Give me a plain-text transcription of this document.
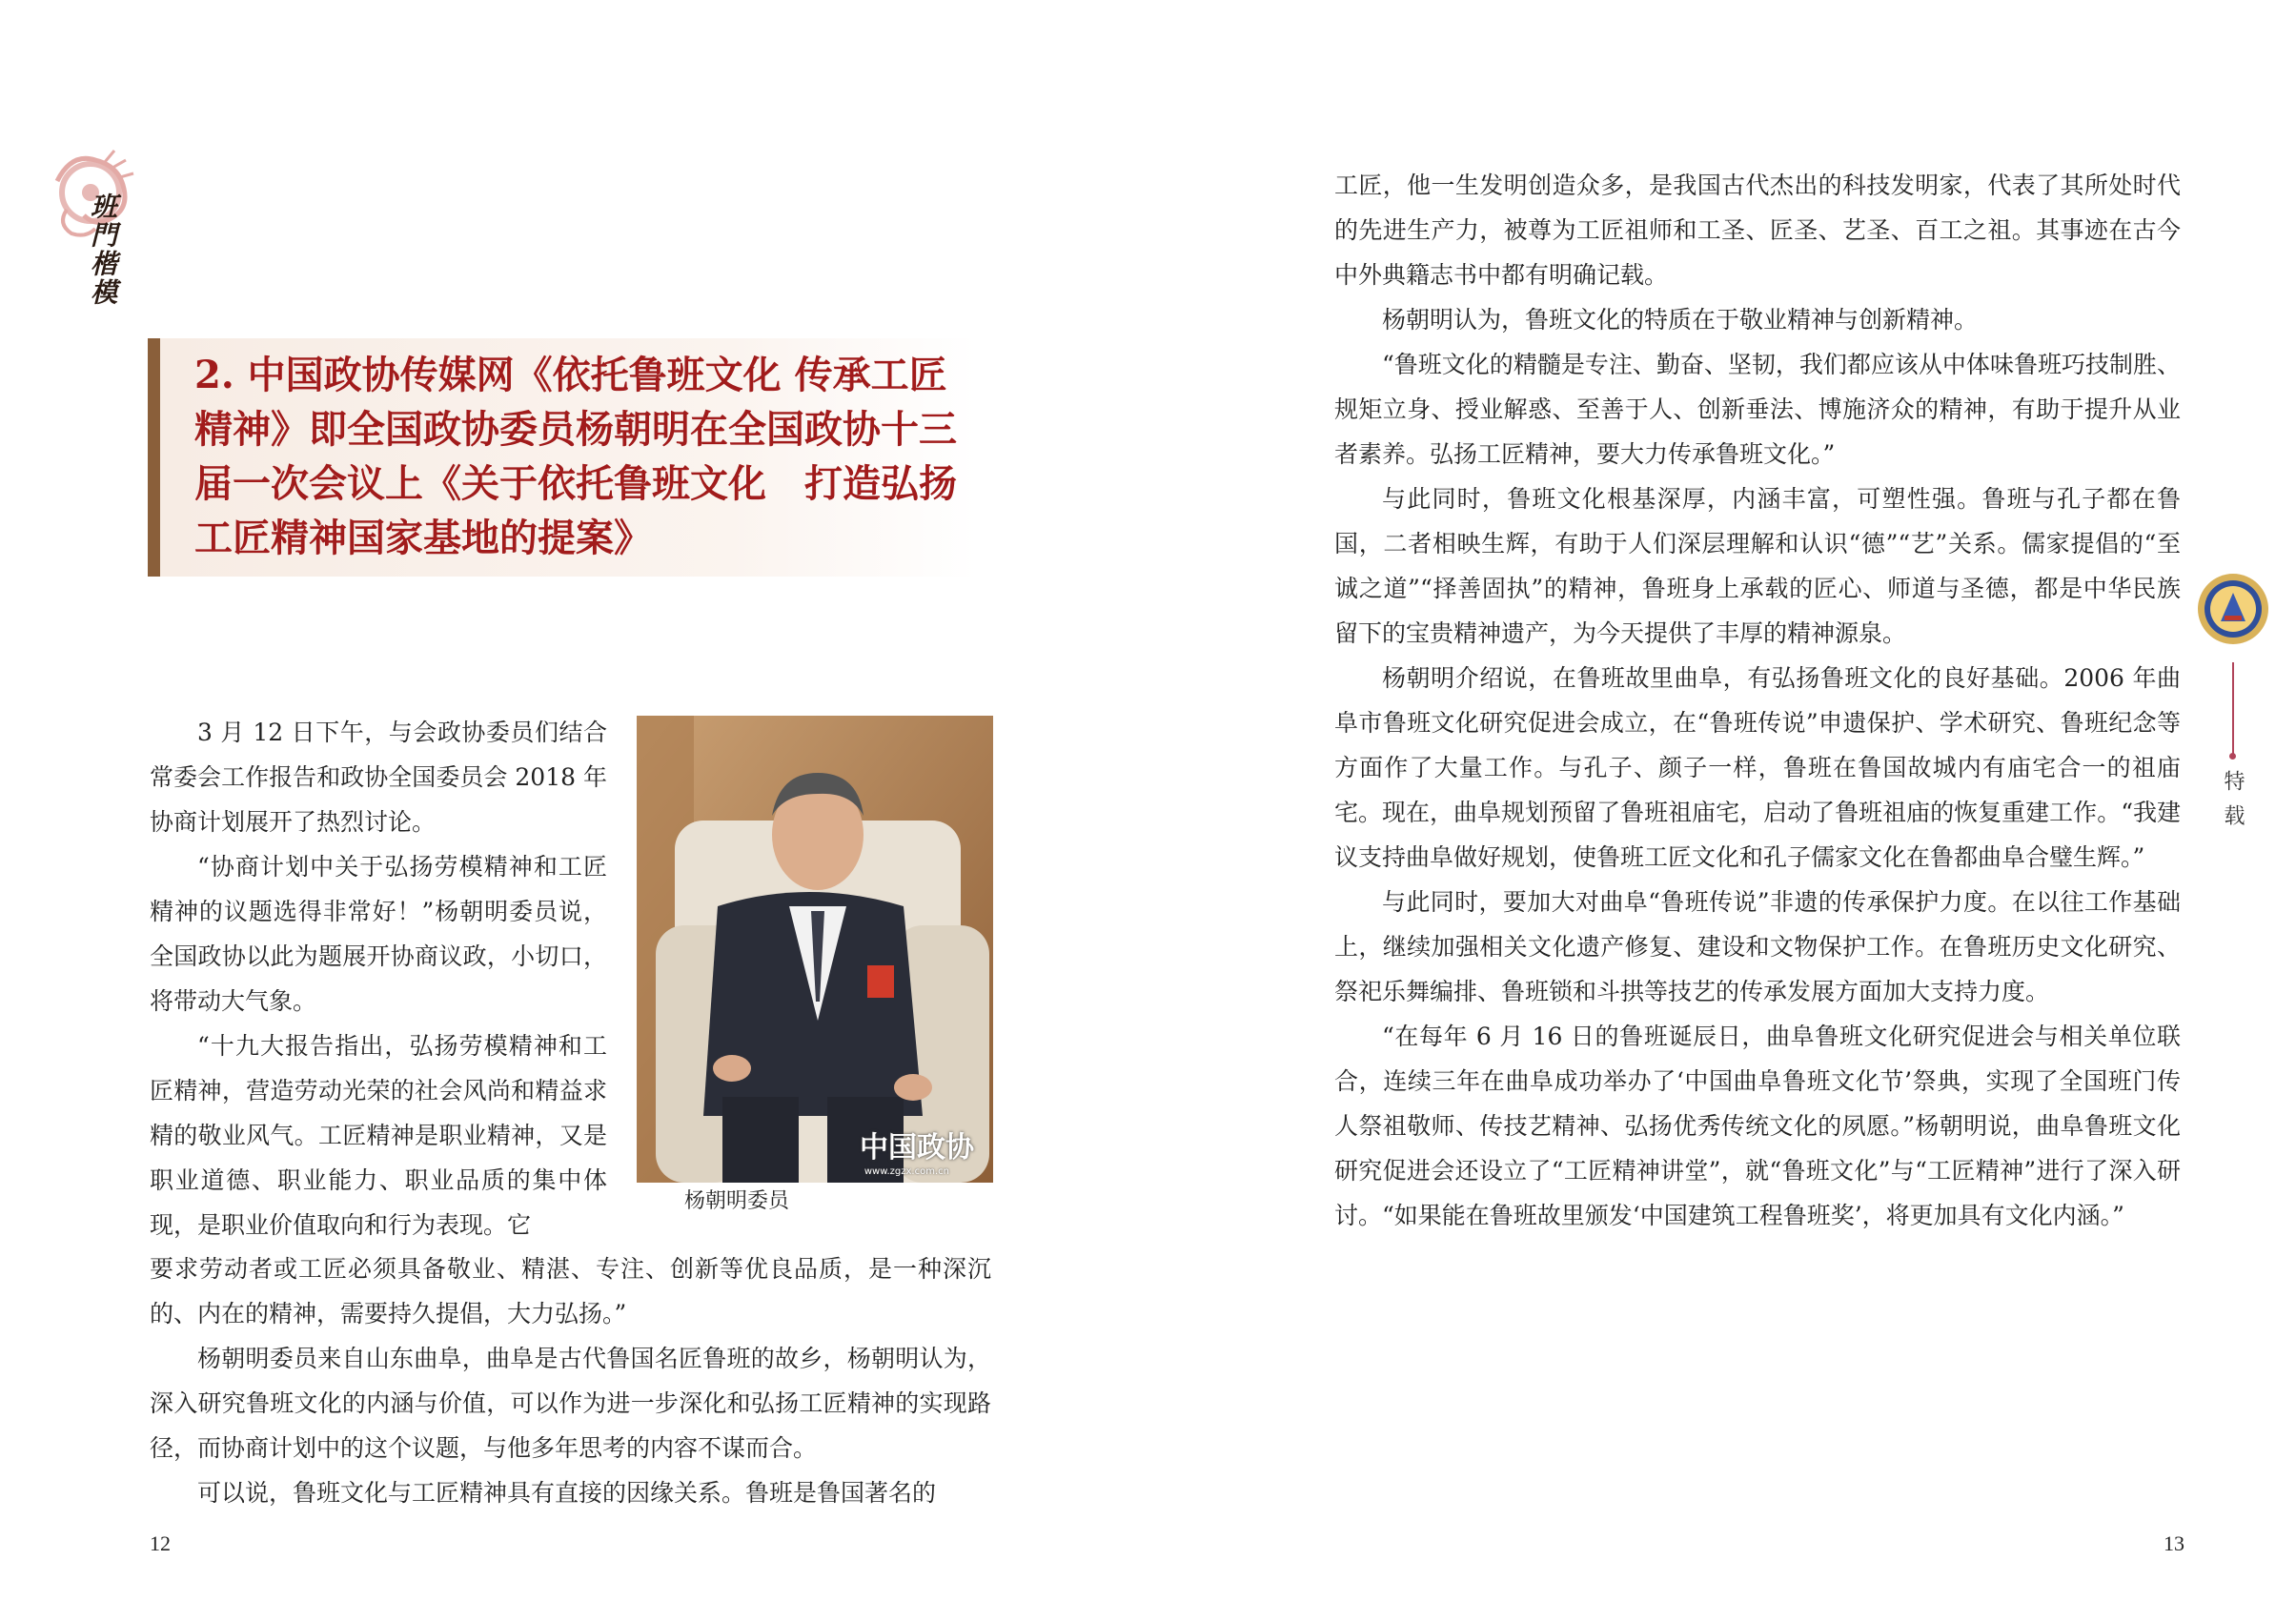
班門楷模
2. 中国政协传媒网《依托鲁班文化 传承工匠精神》即全国政协委员杨朝明在全国政协十三届一次会议上《关于依托鲁班文化　打造弘扬工匠精神国家基地的提案》

3 月 12 日下午，与会政协委员们结合常委会工作报告和政协全国委员会 2018 年协商计划展开了热烈讨论。

“协商计划中关于弘扬劳模精神和工匠精神的议题选得非常好！”杨朝明委员说，全国政协以此为题展开协商议政，小切口，将带动大气象。

“十九大报告指出，弘扬劳模精神和工匠精神，营造劳动光荣的社会风尚和精益求精的敬业风气。工匠精神是职业精神，又是职业道德、职业能力、职业品质的集中体现，是职业价值取向和行为表现。它

中国政协
www.zgzx.com.cn
杨朝明委员

要求劳动者或工匠必须具备敬业、精湛、专注、创新等优良品质，是一种深沉的、内在的精神，需要持久提倡，大力弘扬。”

杨朝明委员来自山东曲阜，曲阜是古代鲁国名匠鲁班的故乡，杨朝明认为，深入研究鲁班文化的内涵与价值，可以作为进一步深化和弘扬工匠精神的实现路径，而协商计划中的这个议题，与他多年思考的内容不谋而合。

可以说，鲁班文化与工匠精神具有直接的因缘关系。鲁班是鲁国著名的

12

工匠，他一生发明创造众多，是我国古代杰出的科技发明家，代表了其所处时代的先进生产力，被尊为工匠祖师和工圣、匠圣、艺圣、百工之祖。其事迹在古今中外典籍志书中都有明确记载。

杨朝明认为，鲁班文化的特质在于敬业精神与创新精神。

“鲁班文化的精髓是专注、勤奋、坚韧，我们都应该从中体味鲁班巧技制胜、规矩立身、授业解惑、至善于人、创新垂法、博施济众的精神，有助于提升从业者素养。弘扬工匠精神，要大力传承鲁班文化。”

与此同时，鲁班文化根基深厚，内涵丰富，可塑性强。鲁班与孔子都在鲁国，二者相映生辉，有助于人们深层理解和认识“德”“艺”关系。儒家提倡的“至诚之道”“择善固执”的精神，鲁班身上承载的匠心、师道与圣德，都是中华民族留下的宝贵精神遗产，为今天提供了丰厚的精神源泉。

杨朝明介绍说，在鲁班故里曲阜，有弘扬鲁班文化的良好基础。2006 年曲阜市鲁班文化研究促进会成立，在“鲁班传说”申遗保护、学术研究、鲁班纪念等方面作了大量工作。与孔子、颜子一样，鲁班在鲁国故城内有庙宅合一的祖庙宅。现在，曲阜规划预留了鲁班祖庙宅，启动了鲁班祖庙的恢复重建工作。“我建议支持曲阜做好规划，使鲁班工匠文化和孔子儒家文化在鲁都曲阜合璧生辉。”

与此同时，要加大对曲阜“鲁班传说”非遗的传承保护力度。在以往工作基础上，继续加强相关文化遗产修复、建设和文物保护工作。在鲁班历史文化研究、祭祀乐舞编排、鲁班锁和斗拱等技艺的传承发展方面加大支持力度。

“在每年 6 月 16 日的鲁班诞辰日，曲阜鲁班文化研究促进会与相关单位联合，连续三年在曲阜成功举办了‘中国曲阜鲁班文化节’祭典，实现了全国班门传人祭祖敬师、传技艺精神、弘扬优秀传统文化的夙愿。”杨朝明说，曲阜鲁班文化研究促进会还设立了“工匠精神讲堂”，就“鲁班文化”与“工匠精神”进行了深入研讨。“如果能在鲁班故里颁发‘中国建筑工程鲁班奖’，将更加具有文化内涵。”

特载
13
